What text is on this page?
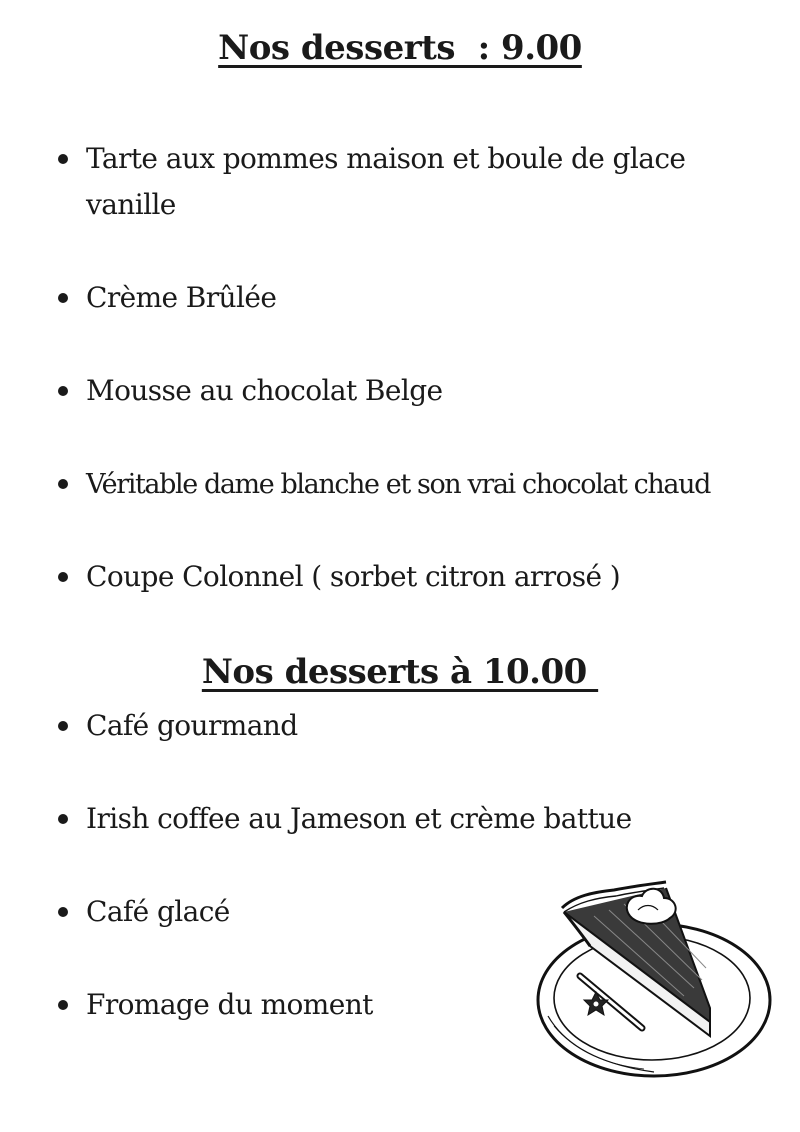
Nos desserts  : 9.00
Tarte aux pommes maison et boule de glace vanille
Crème Brûlée
Mousse au chocolat Belge
Véritable dame blanche et son vrai chocolat chaud
Coupe Colonnel ( sorbet citron arrosé )
Nos desserts à 10.00
Café gourmand
Irish coffee au Jameson et crème battue
Café glacé
Fromage du moment
